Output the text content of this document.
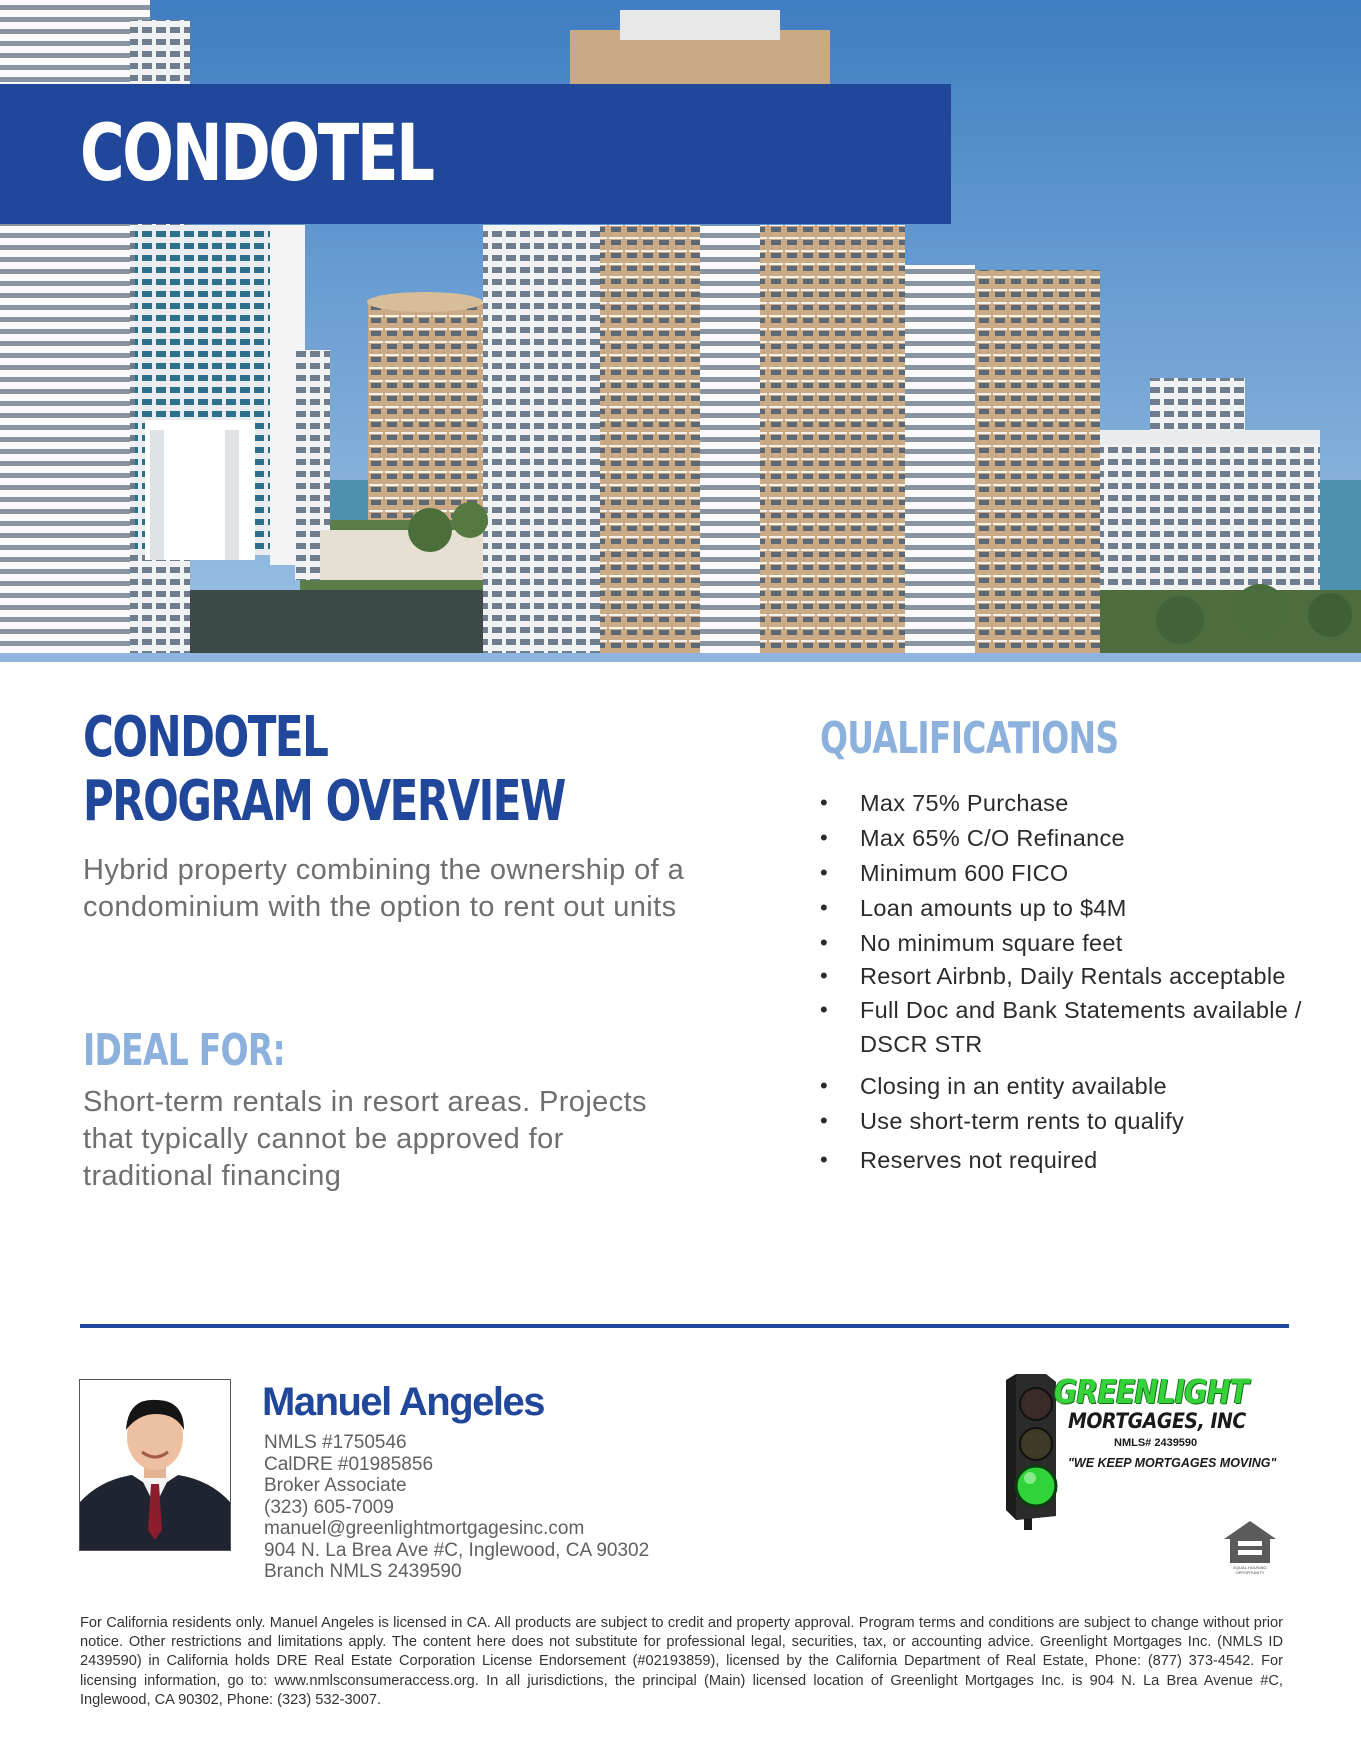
CONDOTEL
CONDOTEL
PROGRAM OVERVIEW

Hybrid property combining the ownership of a
condominium with the option to rent out units

IDEAL FOR:

Short-term rentals in resort areas. Projects
that typically cannot be approved for
traditional financing

QUALIFICATIONS
• Max 75% Purchase
• Max 65% C/O Refinance
• Minimum 600 FICO
• Loan amounts up to $4M
• No minimum square feet
• Resort Airbnb, Daily Rentals acceptable
• Full Doc and Bank Statements available / DSCR STR
• Closing in an entity available
• Use short-term rents to qualify
• Reserves not required
Manuel Angeles
NMLS #1750546
CalDRE #01985856
Broker Associate
(323) 605-7009
manuel@greenlightmortgagesinc.com
904 N. La Brea Ave #C, Inglewood, CA 90302
Branch NMLS 2439590

GREENLIGHT

MORTGAGES, INC

NMLS# 2439590

"WE KEEP MORTGAGES MOVING"

EQUAL HOUSING OPPORTUNITY

For California residents only. Manuel Angeles is licensed in CA. All products are subject to credit and property approval. Program terms and conditions are subject to change without prior notice. Other restrictions and limitations apply. The content here does not substitute for professional legal, securities, tax, or accounting advice. Greenlight Mortgages Inc. (NMLS ID 2439590) in California holds DRE Real Estate Corporation License Endorsement (#02193859), licensed by the California Department of Real Estate, Phone: (877) 373-4542. For licensing information, go to: www.nmlsconsumeraccess.org. In all jurisdictions, the principal (Main) licensed location of Greenlight Mortgages Inc. is 904 N. La Brea Avenue #C, Inglewood, CA 90302, Phone: (323) 532-3007.
